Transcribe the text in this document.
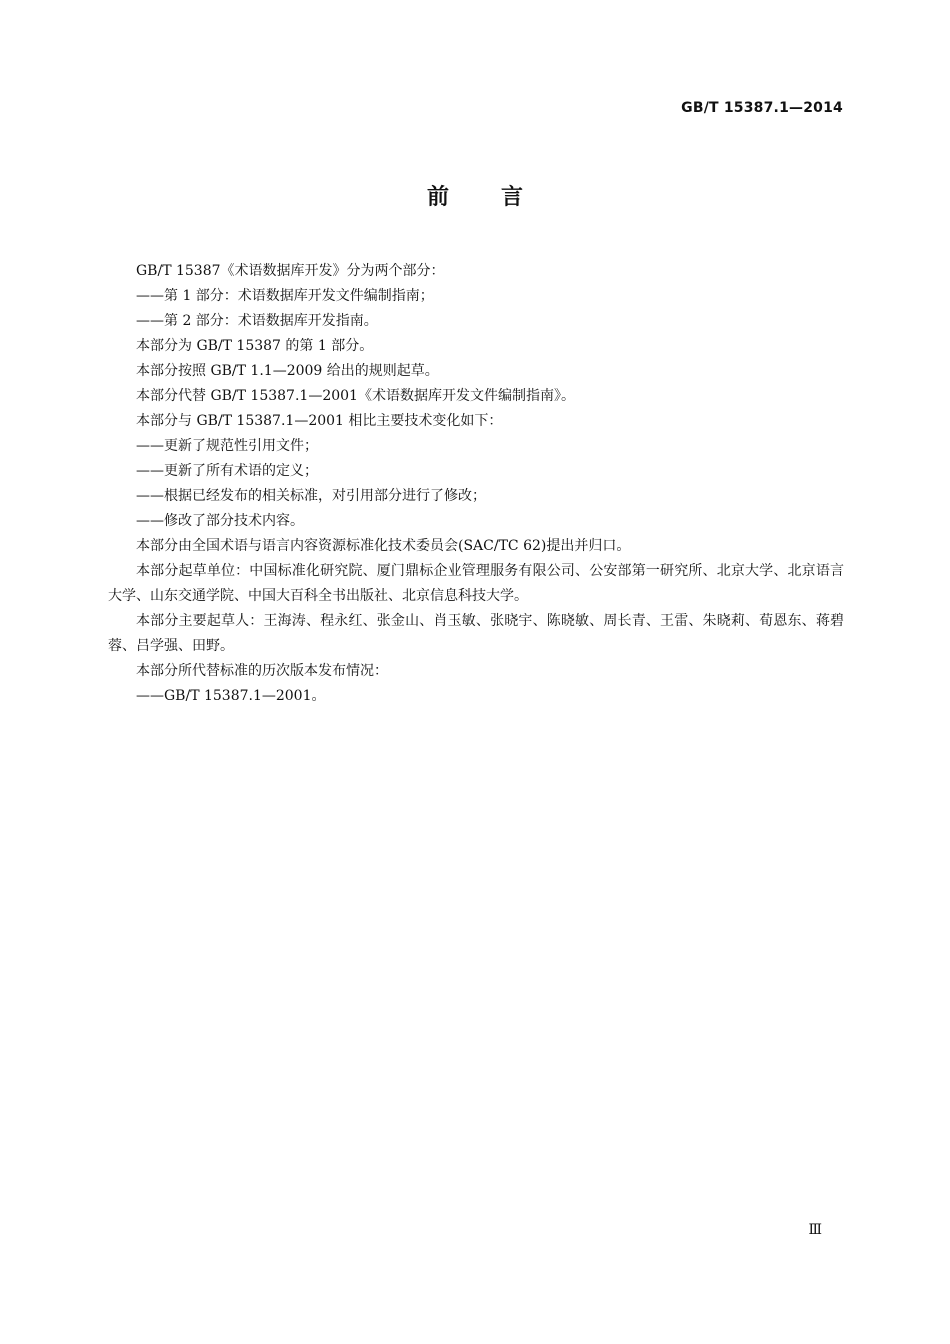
GB/T 15387.1—2014
前言

GB/T 15387《术语数据库开发》分为两个部分：

——第 1 部分：术语数据库开发文件编制指南；

——第 2 部分：术语数据库开发指南。

本部分为 GB/T 15387 的第 1 部分。

本部分按照 GB/T 1.1—2009 给出的规则起草。

本部分代替 GB/T 15387.1—2001《术语数据库开发文件编制指南》。

本部分与 GB/T 15387.1—2001 相比主要技术变化如下：

——更新了规范性引用文件；

——更新了所有术语的定义；

——根据已经发布的相关标准，对引用部分进行了修改；

——修改了部分技术内容。

本部分由全国术语与语言内容资源标准化技术委员会(SAC/TC 62)提出并归口。

本部分起草单位：中国标准化研究院、厦门鼎标企业管理服务有限公司、公安部第一研究所、北京大学、北京语言大学、山东交通学院、中国大百科全书出版社、北京信息科技大学。

本部分主要起草人：王海涛、程永红、张金山、肖玉敏、张晓宇、陈晓敏、周长青、王雷、朱晓莉、荀恩东、蒋碧蓉、吕学强、田野。

本部分所代替标准的历次版本发布情况：

——GB/T 15387.1—2001。

Ⅲ
